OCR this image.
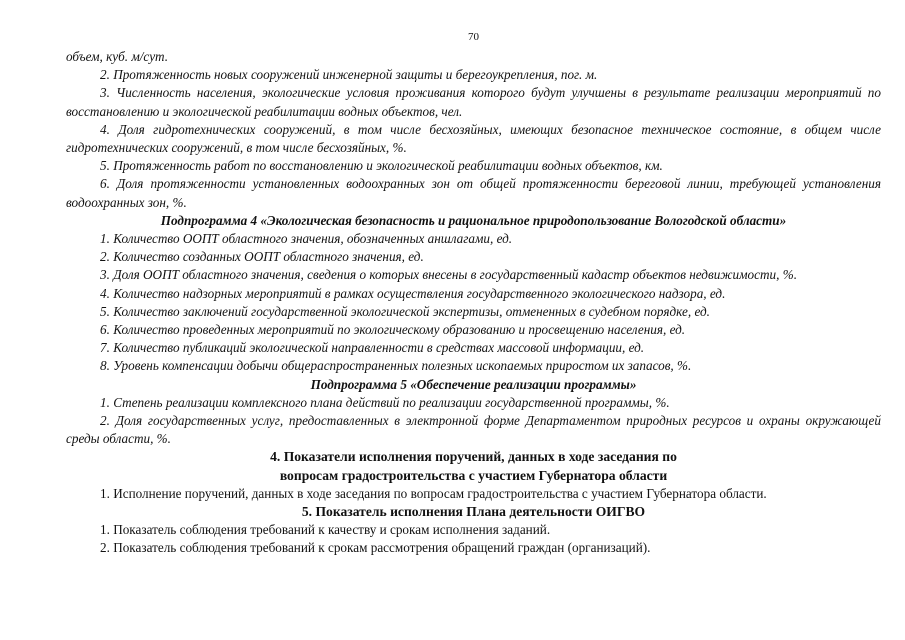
70

объем, куб. м/сут.

2. Протяженность новых сооружений инженерной защиты и берегоукрепления, пог. м.

3. Численность населения, экологические условия проживания которого будут улучшены в результате реализации мероприятий по восстановлению и экологической реабилитации водных объектов, чел.

4. Доля гидротехнических сооружений, в том числе бесхозяйных, имеющих безопасное техническое состояние, в общем числе гидротехнических сооружений, в том числе бесхозяйных, %.

5. Протяженность работ по восстановлению и экологической реабилитации водных объектов, км.

6. Доля протяженности установленных водоохранных зон от общей протяженности береговой линии, требующей установления водоохранных зон, %.

Подпрограмма 4 «Экологическая безопасность и рациональное природопользование Вологодской области»

1. Количество ООПТ областного значения, обозначенных аншлагами, ед.

2. Количество созданных ООПТ областного значения, ед.

3. Доля ООПТ областного значения, сведения о которых внесены в государственный кадастр объектов недвижимости, %.

4. Количество надзорных мероприятий в рамках осуществления государственного экологического надзора, ед.

5. Количество заключений государственной экологической экспертизы, отмененных в судебном порядке, ед.

6. Количество проведенных мероприятий по экологическому образованию и просвещению населения, ед.

7. Количество публикаций экологической направленности в средствах массовой информации, ед.

8. Уровень компенсации добычи общераспространенных полезных ископаемых приростом их запасов, %.

Подпрограмма 5 «Обеспечение реализации программы»

1. Степень реализации комплексного плана действий по реализации государственной программы, %.

2. Доля государственных услуг, предоставленных в электронной форме Департаментом природных ресурсов и охраны окружающей среды области, %.

4. Показатели исполнения поручений, данных в ходе заседания по

вопросам градостроительства с участием Губернатора области

1. Исполнение поручений, данных в ходе заседания по вопросам градостроительства с участием Губернатора области.

5. Показатель исполнения Плана деятельности ОИГВО

1. Показатель соблюдения требований к качеству и срокам исполнения заданий.

2. Показатель соблюдения требований к срокам рассмотрения обращений граждан (организаций).
